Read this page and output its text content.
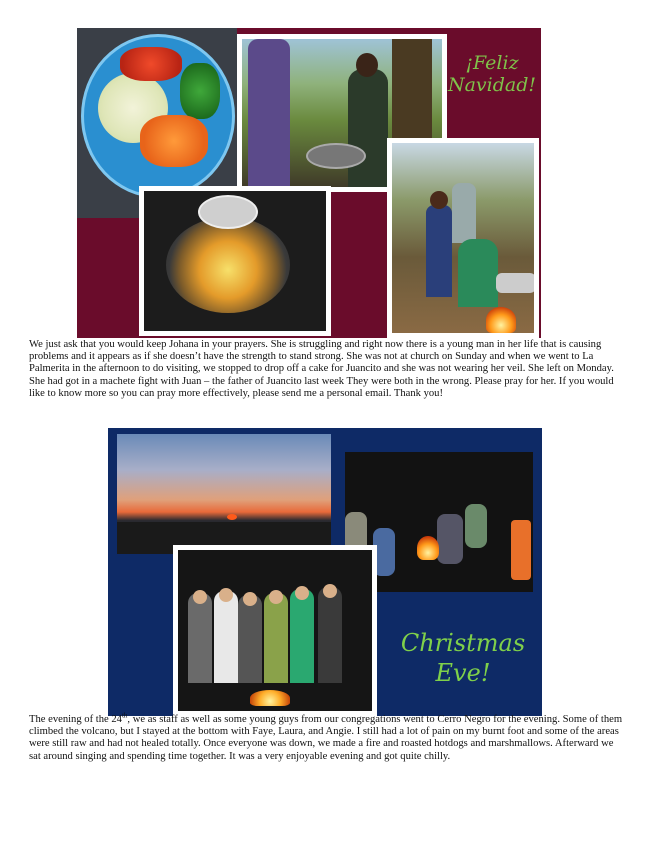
¡Feliz
Navidad!

We just ask that you would keep Johana in your prayers. She is struggling and right now there is a young man in her life that is causing problems and it appears as if she doesn’t have the strength to stand strong. She was not at church on Sunday and when we went to La Palmerita in the afternoon to do visiting, we stopped to drop off a cake for Juancito and she was not wearing her veil. She left on Monday. She had got in a machete fight with Juan – the father of Juancito last week They were both in the wrong. Please pray for her. If you would like to know more so you can pray more effectively, please send me a personal email. Thank you!

Christmas
Eve!

The evening of the 24th, we as staff as well as some young guys from our congregations went to Cerro Negro for the evening. Some of them climbed the volcano, but I stayed at the bottom with Faye, Laura, and Angie. I still had a lot of pain on my burnt foot and some of the areas were still raw and had not healed totally. Once everyone was down, we made a fire and roasted hotdogs and marshmallows. Afterward we sat around singing and spending time together. It was a very enjoyable evening and got quite chilly.
